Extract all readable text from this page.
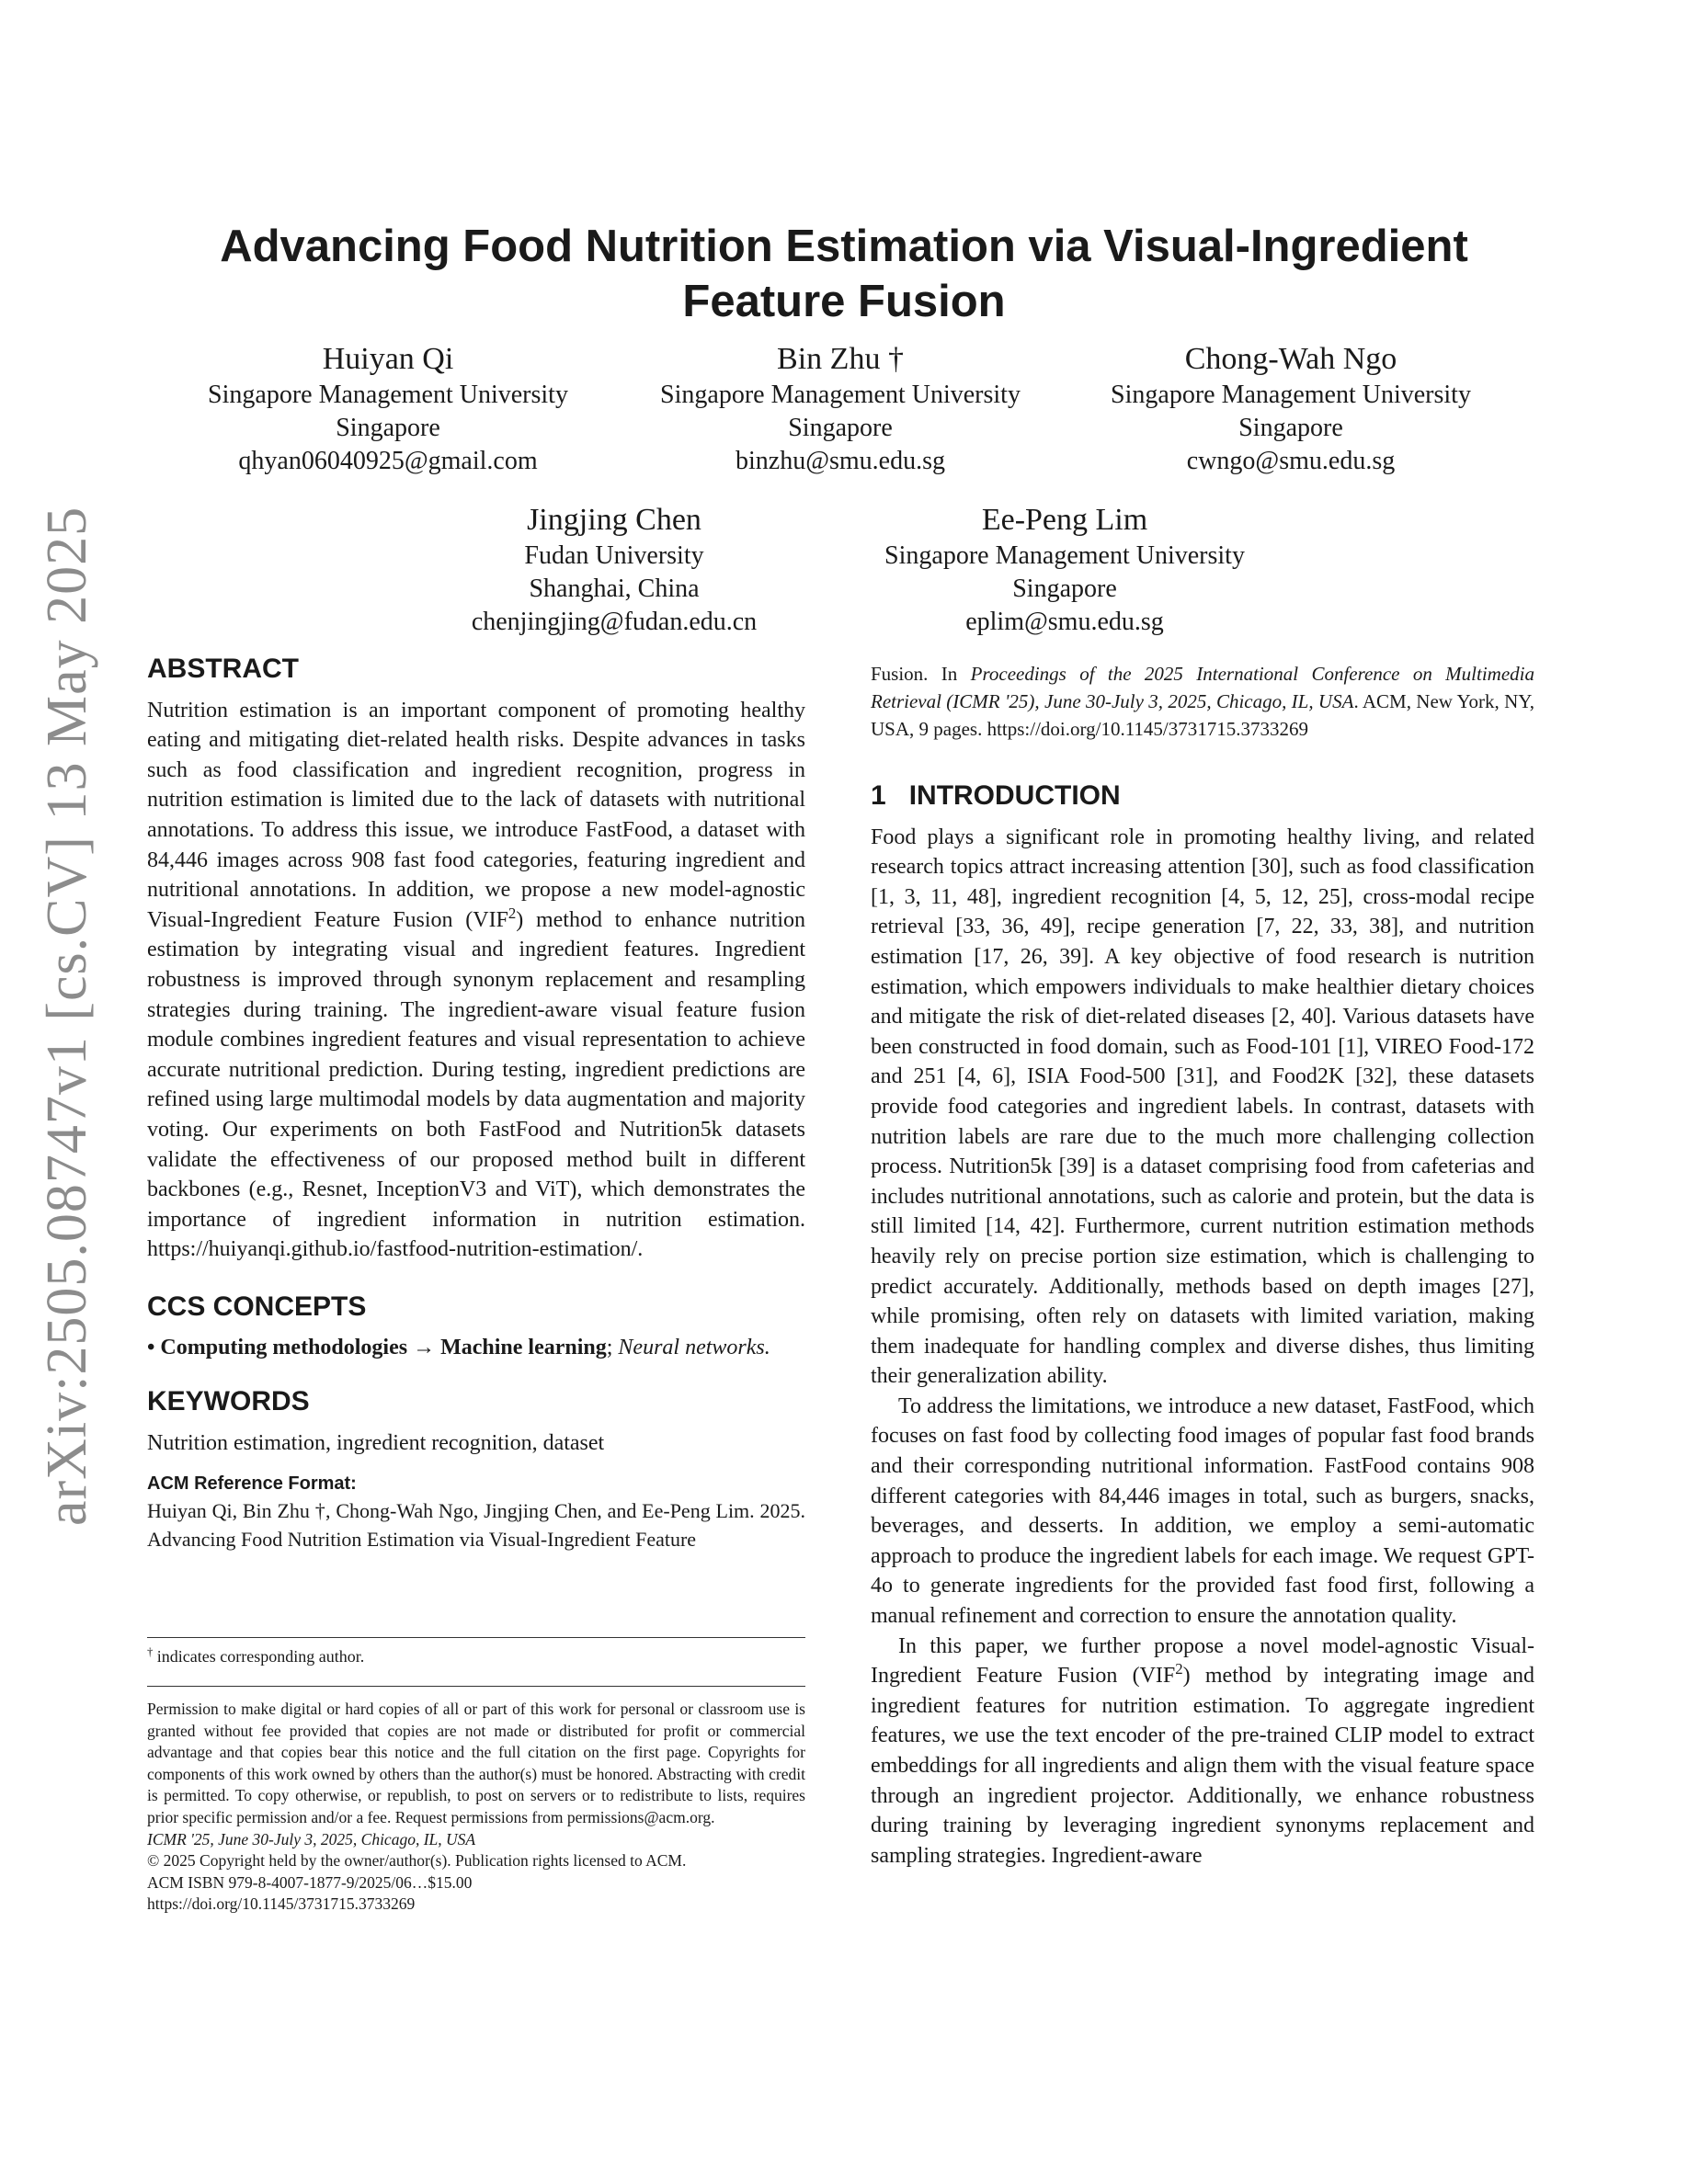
arXiv:2505.08747v1 [cs.CV] 13 May 2025
Advancing Food Nutrition Estimation via Visual-Ingredient Feature Fusion
Huiyan Qi
Singapore Management University
Singapore
qhyan06040925@gmail.com
Bin Zhu †
Singapore Management University
Singapore
binzhu@smu.edu.sg
Chong-Wah Ngo
Singapore Management University
Singapore
cwngo@smu.edu.sg
Jingjing Chen
Fudan University
Shanghai, China
chenjingjing@fudan.edu.cn
Ee-Peng Lim
Singapore Management University
Singapore
eplim@smu.edu.sg
ABSTRACT

Nutrition estimation is an important component of promoting healthy eating and mitigating diet-related health risks. Despite advances in tasks such as food classification and ingredient recognition, progress in nutrition estimation is limited due to the lack of datasets with nutritional annotations. To address this issue, we introduce FastFood, a dataset with 84,446 images across 908 fast food categories, featuring ingredient and nutritional annotations. In addition, we propose a new model-agnostic Visual-Ingredient Feature Fusion (VIF$^2$) method to enhance nutrition estimation by integrating visual and ingredient features. Ingredient robustness is improved through synonym replacement and resampling strategies during training. The ingredient-aware visual feature fusion module combines ingredient features and visual representation to achieve accurate nutritional prediction. During testing, ingredient predictions are refined using large multimodal models by data augmentation and majority voting. Our experiments on both FastFood and Nutrition5k datasets validate the effectiveness of our proposed method built in different backbones (e.g., Resnet, InceptionV3 and ViT), which demonstrates the importance of ingredient information in nutrition estimation. https://huiyanqi.github.io/fastfood-nutrition-estimation/.

CCS CONCEPTS

• Computing methodologies → Machine learning; Neural networks.

KEYWORDS

Nutrition estimation, ingredient recognition, dataset

ACM Reference Format:

Huiyan Qi, Bin Zhu †, Chong-Wah Ngo, Jingjing Chen, and Ee-Peng Lim. 2025. Advancing Food Nutrition Estimation via Visual-Ingredient Feature

† indicates corresponding author.

Permission to make digital or hard copies of all or part of this work for personal or classroom use is granted without fee provided that copies are not made or distributed for profit or commercial advantage and that copies bear this notice and the full citation on the first page. Copyrights for components of this work owned by others than the author(s) must be honored. Abstracting with credit is permitted. To copy otherwise, or republish, to post on servers or to redistribute to lists, requires prior specific permission and/or a fee. Request permissions from permissions@acm.org.

ICMR '25, June 30-July 3, 2025, Chicago, IL, USA

© 2025 Copyright held by the owner/author(s). Publication rights licensed to ACM.

ACM ISBN 979-8-4007-1877-9/2025/06…$15.00

https://doi.org/10.1145/3731715.3733269

Fusion. In Proceedings of the 2025 International Conference on Multimedia Retrieval (ICMR '25), June 30-July 3, 2025, Chicago, IL, USA. ACM, New York, NY, USA, 9 pages. https://doi.org/10.1145/3731715.3733269

1   INTRODUCTION

Food plays a significant role in promoting healthy living, and related research topics attract increasing attention [30], such as food classification [1, 3, 11, 48], ingredient recognition [4, 5, 12, 25], cross-modal recipe retrieval [33, 36, 49], recipe generation [7, 22, 33, 38], and nutrition estimation [17, 26, 39]. A key objective of food research is nutrition estimation, which empowers individuals to make healthier dietary choices and mitigate the risk of diet-related diseases [2, 40]. Various datasets have been constructed in food domain, such as Food-101 [1], VIREO Food-172 and 251 [4, 6], ISIA Food-500 [31], and Food2K [32], these datasets provide food categories and ingredient labels. In contrast, datasets with nutrition labels are rare due to the much more challenging collection process. Nutrition5k [39] is a dataset comprising food from cafeterias and includes nutritional annotations, such as calorie and protein, but the data is still limited [14, 42]. Furthermore, current nutrition estimation methods heavily rely on precise portion size estimation, which is challenging to predict accurately. Additionally, methods based on depth images [27], while promising, often rely on datasets with limited variation, making them inadequate for handling complex and diverse dishes, thus limiting their generalization ability.

To address the limitations, we introduce a new dataset, FastFood, which focuses on fast food by collecting food images of popular fast food brands and their corresponding nutritional information. FastFood contains 908 different categories with 84,446 images in total, such as burgers, snacks, beverages, and desserts. In addition, we employ a semi-automatic approach to produce the ingredient labels for each image. We request GPT-4o to generate ingredients for the provided fast food first, following a manual refinement and correction to ensure the annotation quality.

In this paper, we further propose a novel model-agnostic Visual-Ingredient Feature Fusion (VIF$^2$) method by integrating image and ingredient features for nutrition estimation. To aggregate ingredient features, we use the text encoder of the pre-trained CLIP model to extract embeddings for all ingredients and align them with the visual feature space through an ingredient projector. Additionally, we enhance robustness during training by leveraging ingredient synonyms replacement and sampling strategies. Ingredient-aware
